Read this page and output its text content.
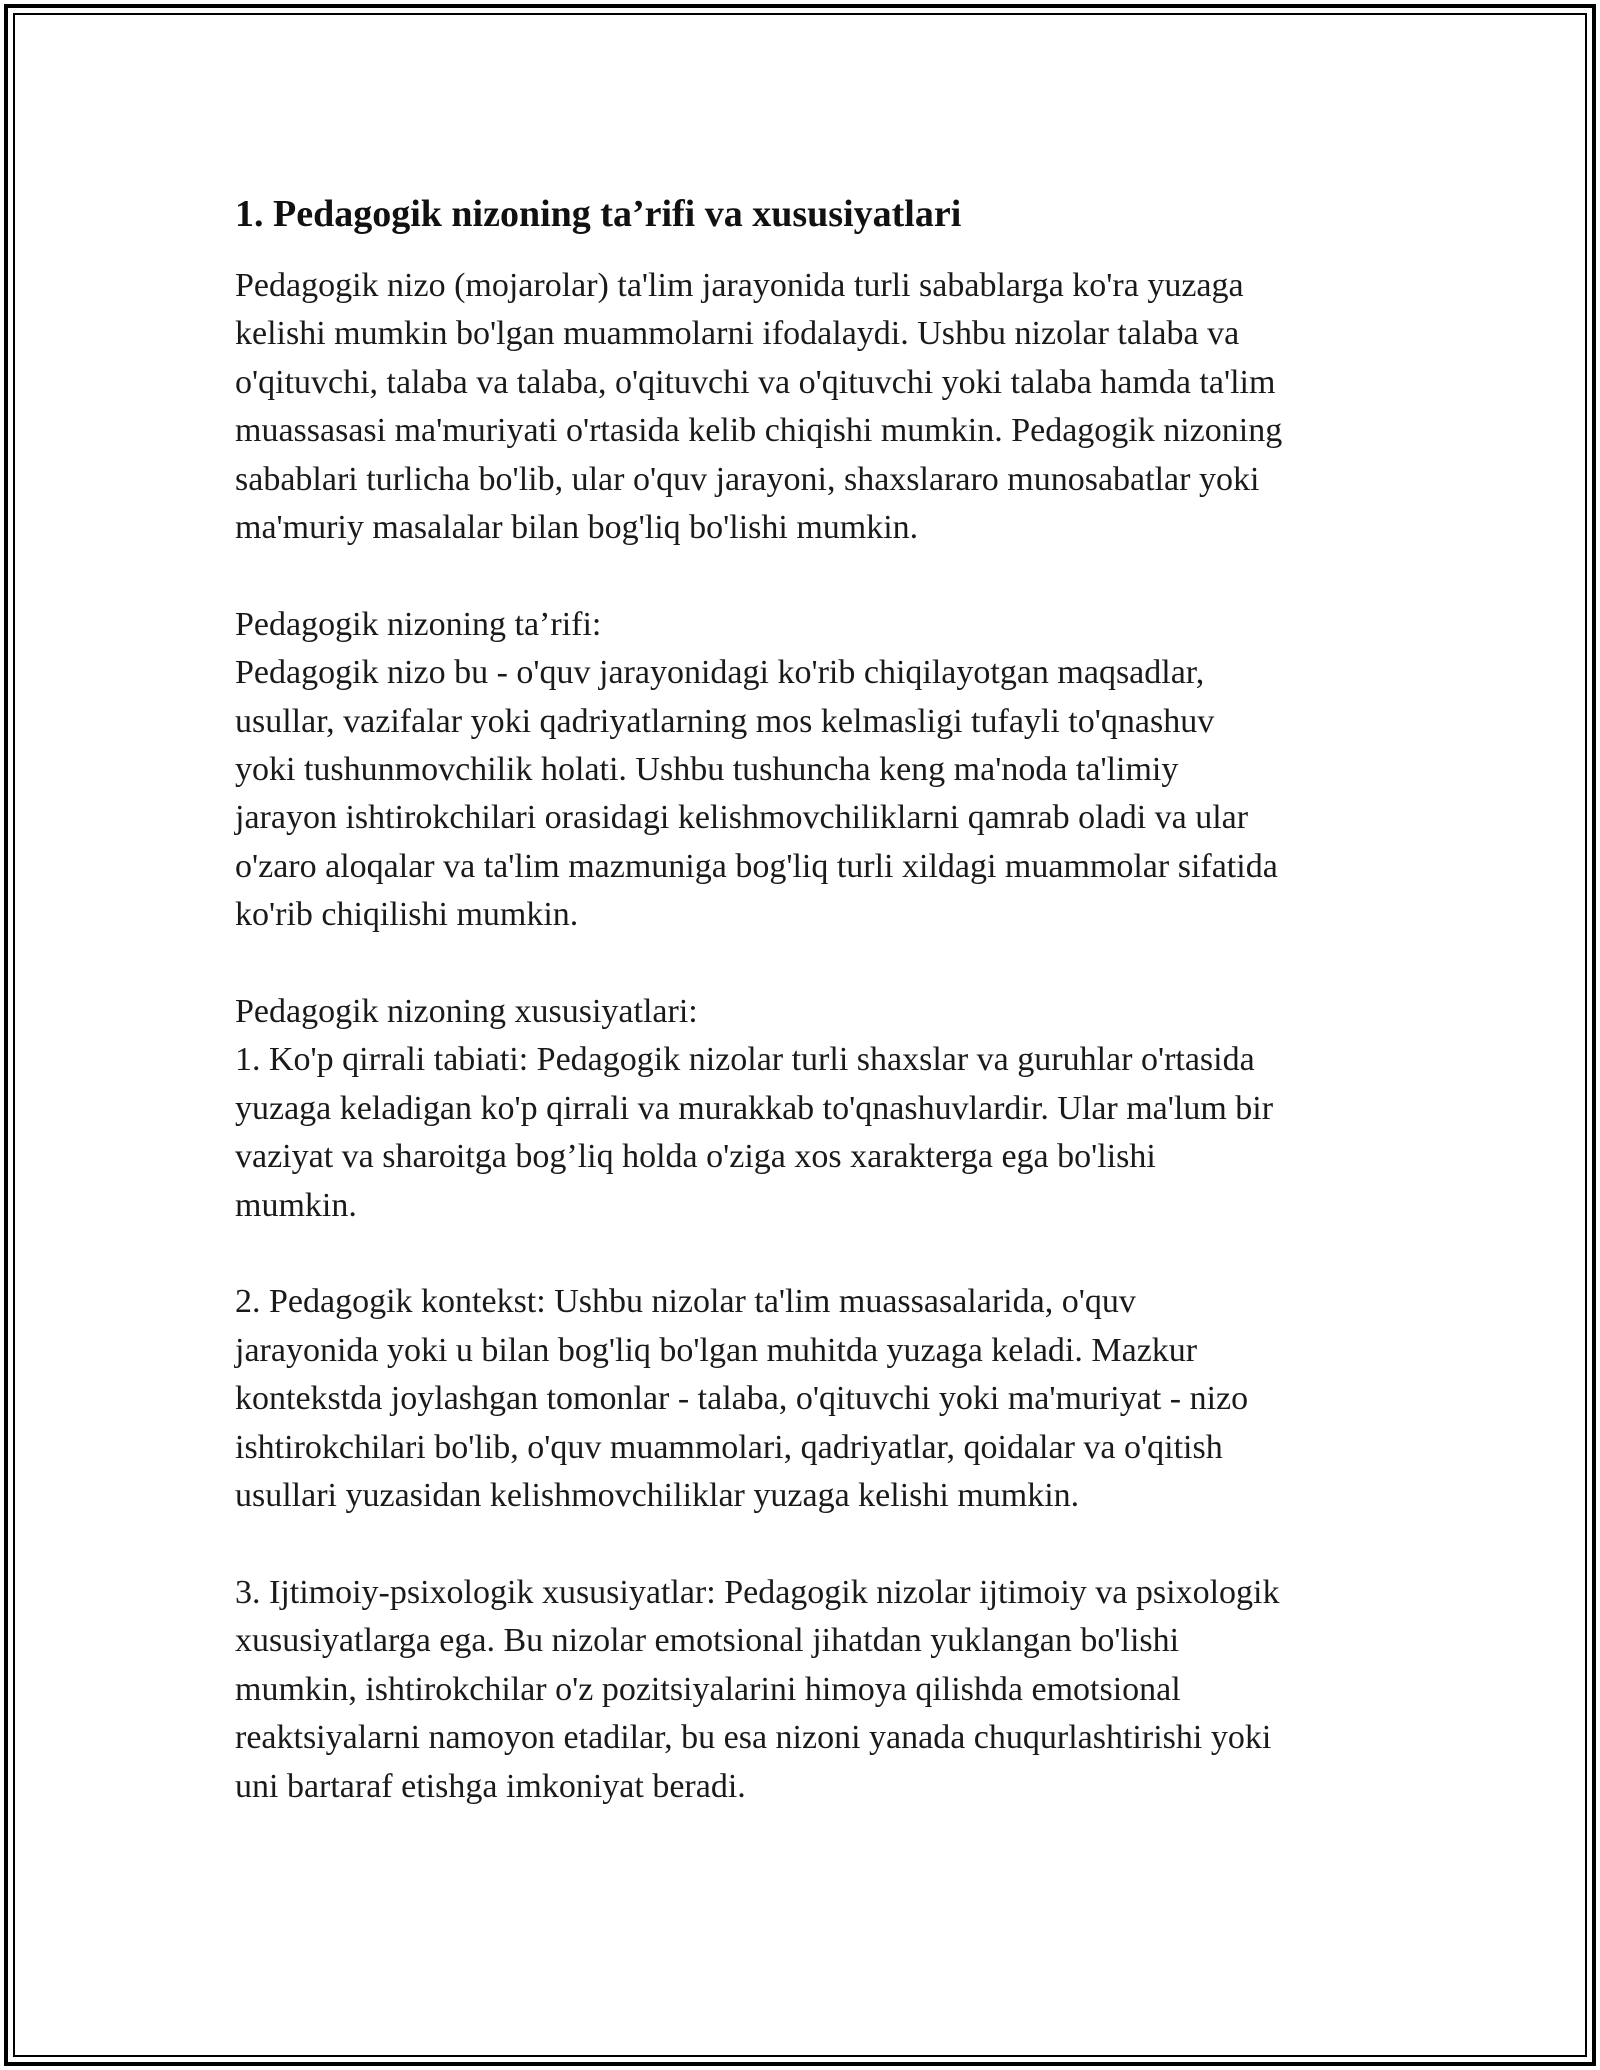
1. Pedagogik nizoning ta’rifi va xususiyatlari

Pedagogik nizo (mojarolar) ta'lim jarayonida turli sabablarga ko'ra yuzaga
kelishi mumkin bo'lgan muammolarni ifodalaydi. Ushbu nizolar talaba va
o'qituvchi, talaba va talaba, o'qituvchi va o'qituvchi yoki talaba hamda ta'lim
muassasasi ma'muriyati o'rtasida kelib chiqishi mumkin. Pedagogik nizoning
sabablari turlicha bo'lib, ular o'quv jarayoni, shaxslararo munosabatlar yoki
ma'muriy masalalar bilan bog'liq bo'lishi mumkin.

Pedagogik nizoning ta’rifi:

Pedagogik nizo bu - o'quv jarayonidagi ko'rib chiqilayotgan maqsadlar,
usullar, vazifalar yoki qadriyatlarning mos kelmasligi tufayli to'qnashuv
yoki tushunmovchilik holati. Ushbu tushuncha keng ma'noda ta'limiy
jarayon ishtirokchilari orasidagi kelishmovchiliklarni qamrab oladi va ular
o'zaro aloqalar va ta'lim mazmuniga bog'liq turli xildagi muammolar sifatida
ko'rib chiqilishi mumkin.

Pedagogik nizoning xususiyatlari:

1. Ko'p qirrali tabiati: Pedagogik nizolar turli shaxslar va guruhlar o'rtasida
yuzaga keladigan ko'p qirrali va murakkab to'qnashuvlardir. Ular ma'lum bir
vaziyat va sharoitga bog’liq holda o'ziga xos xarakterga ega bo'lishi
mumkin.

2. Pedagogik kontekst: Ushbu nizolar ta'lim muassasalarida, o'quv
jarayonida yoki u bilan bog'liq bo'lgan muhitda yuzaga keladi. Mazkur
kontekstda joylashgan tomonlar - talaba, o'qituvchi yoki ma'muriyat - nizo
ishtirokchilari bo'lib, o'quv muammolari, qadriyatlar, qoidalar va o'qitish
usullari yuzasidan kelishmovchiliklar yuzaga kelishi mumkin.

3. Ijtimoiy-psixologik xususiyatlar: Pedagogik nizolar ijtimoiy va psixologik
xususiyatlarga ega. Bu nizolar emotsional jihatdan yuklangan bo'lishi
mumkin, ishtirokchilar o'z pozitsiyalarini himoya qilishda emotsional
reaktsiyalarni namoyon etadilar, bu esa nizoni yanada chuqurlashtirishi yoki
uni bartaraf etishga imkoniyat beradi.
